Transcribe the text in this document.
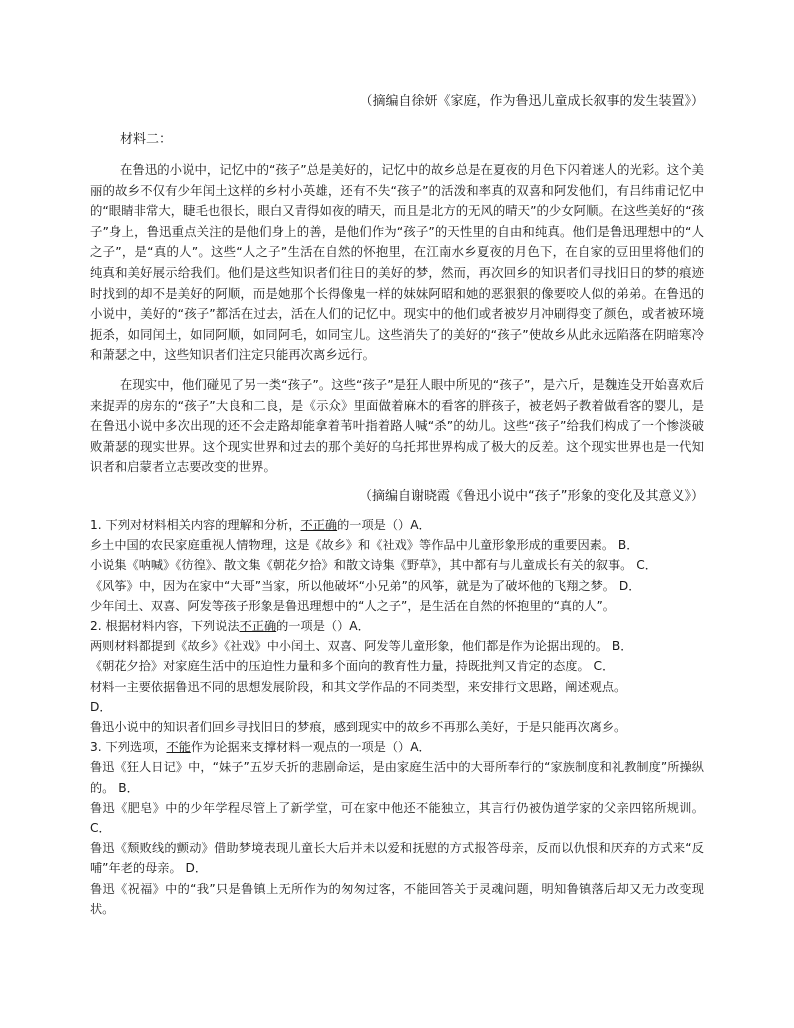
（摘编自徐妍《家庭，作为鲁迅儿童成长叙事的发生装置》）

材料二：

在鲁迅的小说中，记忆中的“孩子”总是美好的，记忆中的故乡总是在夏夜的月色下闪着迷人的光彩。这个美丽的故乡不仅有少年闰土这样的乡村小英雄，还有不失“孩子”的活泼和率真的双喜和阿发他们，有吕纬甫记忆中的“眼睛非常大，睫毛也很长，眼白又青得如夜的晴天，而且是北方的无风的晴天”的少女阿顺。在这些美好的“孩子”身上，鲁迅重点关注的是他们身上的善，是他们作为“孩子”的天性里的自由和纯真。他们是鲁迅理想中的“人之子”，是“真的人”。这些“人之子”生活在自然的怀抱里，在江南水乡夏夜的月色下，在自家的豆田里将他们的纯真和美好展示给我们。他们是这些知识者们往日的美好的梦，然而，再次回乡的知识者们寻找旧日的梦的痕迹时找到的却不是美好的阿顺，而是她那个长得像鬼一样的妹妹阿昭和她的恶狠狠的像要咬人似的弟弟。在鲁迅的小说中，美好的“孩子”都活在过去，活在人们的记忆中。现实中的他们或者被岁月冲刷得变了颜色，或者被环境扼杀，如同闰土，如同阿顺，如同阿毛，如同宝儿。这些消失了的美好的“孩子”使故乡从此永远陷落在阴暗寒冷和萧瑟之中，这些知识者们注定只能再次离乡远行。

在现实中，他们碰见了另一类“孩子”。这些“孩子”是狂人眼中所见的“孩子”，是六斤，是魏连殳开始喜欢后来捉弄的房东的“孩子”大良和二良，是《示众》里面做着麻木的看客的胖孩子，被老妈子教着做看客的婴儿，是在鲁迅小说中多次出现的还不会走路却能拿着苇叶指着路人喊“杀”的幼儿。这些“孩子”给我们构成了一个惨淡破败萧瑟的现实世界。这个现实世界和过去的那个美好的乌托邦世界构成了极大的反差。这个现实世界也是一代知识者和启蒙者立志要改变的世界。

（摘编自谢晓霞《鲁迅小说中“孩子”形象的变化及其意义》）

1. 下列对材料相关内容的理解和分析，不正确的一项是（）A．

乡土中国的农民家庭重视人情物理，这是《故乡》和《社戏》等作品中儿童形象形成的重要因素。 B．

小说集《呐喊》《彷徨》、散文集《朝花夕拾》和散文诗集《野草》，其中都有与儿童成长有关的叙事。 C．

《风筝》中，因为在家中“大哥”当家，所以他破坏“小兄弟”的风筝，就是为了破坏他的飞翔之梦。 D．

少年闰土、双喜、阿发等孩子形象是鲁迅理想中的“人之子”，是生活在自然的怀抱里的“真的人”。

2. 根据材料内容，下列说法不正确的一项是（）A．

两则材料都提到《故乡》《社戏》中小闰土、双喜、阿发等儿童形象，他们都是作为论据出现的。 B．

《朝花夕拾》对家庭生活中的压迫性力量和多个面向的教育性力量，持既批判又肯定的态度。 C．

材料一主要依据鲁迅不同的思想发展阶段，和其文学作品的不同类型，来安排行文思路，阐述观点。

D．

鲁迅小说中的知识者们回乡寻找旧日的梦痕，感到现实中的故乡不再那么美好，于是只能再次离乡。

3. 下列选项，不能作为论据来支撑材料一观点的一项是（）A．

鲁迅《狂人日记》中，“妹子”五岁夭折的悲剧命运，是由家庭生活中的大哥所奉行的“家族制度和礼教制度”所操纵的。 B．

鲁迅《肥皂》中的少年学程尽管上了新学堂，可在家中他还不能独立，其言行仍被伪道学家的父亲四铭所规训。 C．

鲁迅《颓败线的颤动》借助梦境表现儿童长大后并未以爱和抚慰的方式报答母亲，反而以仇恨和厌弃的方式来“反哺”年老的母亲。 D．

鲁迅《祝福》中的“我”只是鲁镇上无所作为的匆匆过客，不能回答关于灵魂问题，明知鲁镇落后却又无力改变现状。
